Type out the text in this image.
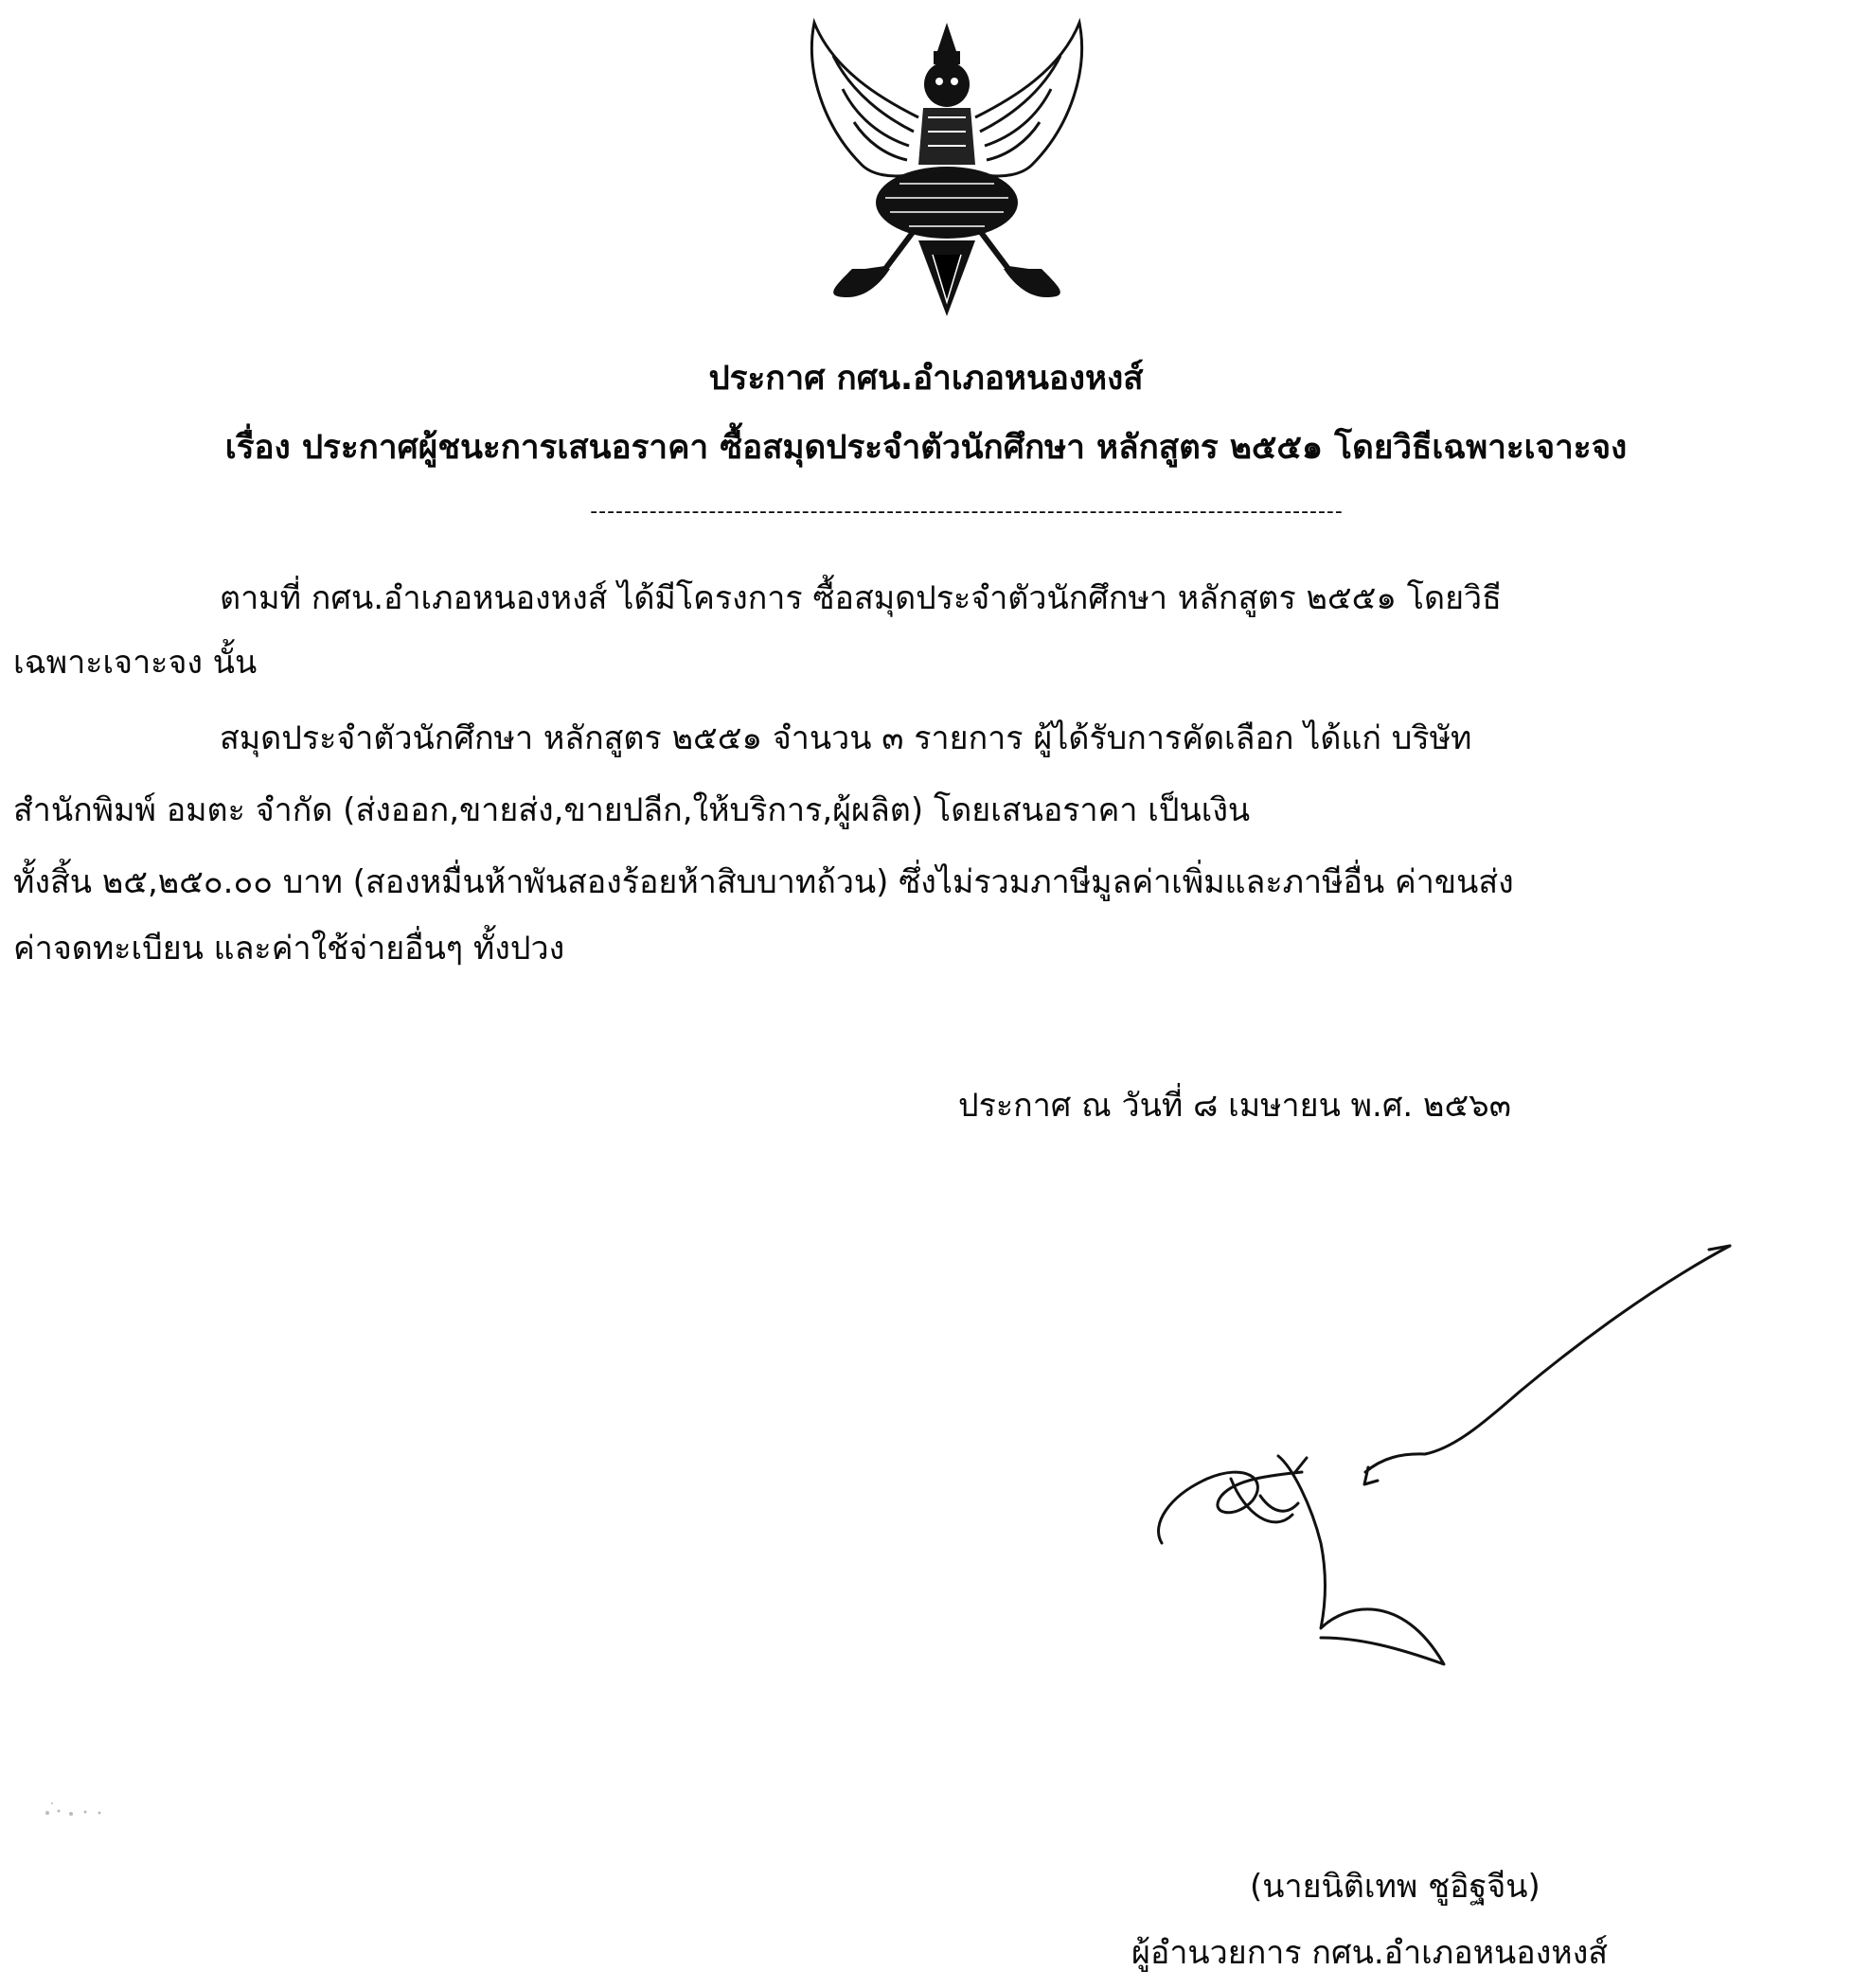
ประกาศ กศน.อำเภอหนองหงส์
เรื่อง ประกาศผู้ชนะการเสนอราคา ซื้อสมุดประจำตัวนักศึกษา หลักสูตร ๒๕๕๑ โดยวิธีเฉพาะเจาะจง
-----------------------------------------------------------------------------------------
ตามที่ กศน.อำเภอหนองหงส์ ได้มีโครงการ ซื้อสมุดประจำตัวนักศึกษา หลักสูตร ๒๕๕๑ โดยวิธี
เฉพาะเจาะจง นั้น
สมุดประจำตัวนักศึกษา หลักสูตร ๒๕๕๑ จำนวน ๓ รายการ ผู้ได้รับการคัดเลือก ได้แก่ บริษัท
สำนักพิมพ์ อมตะ จำกัด (ส่งออก,ขายส่ง,ขายปลีก,ให้บริการ,ผู้ผลิต) โดยเสนอราคา เป็นเงิน
ทั้งสิ้น ๒๕,๒๕๐.๐๐ บาท (สองหมื่นห้าพันสองร้อยห้าสิบบาทถ้วน) ซึ่งไม่รวมภาษีมูลค่าเพิ่มและภาษีอื่น ค่าขนส่ง
ค่าจดทะเบียน และค่าใช้จ่ายอื่นๆ ทั้งปวง
ประกาศ ณ วันที่ ๘ เมษายน พ.ศ. ๒๕๖๓
(นายนิติเทพ ชูอิฐจีน)
ผู้อำนวยการ กศน.อำเภอหนองหงส์
